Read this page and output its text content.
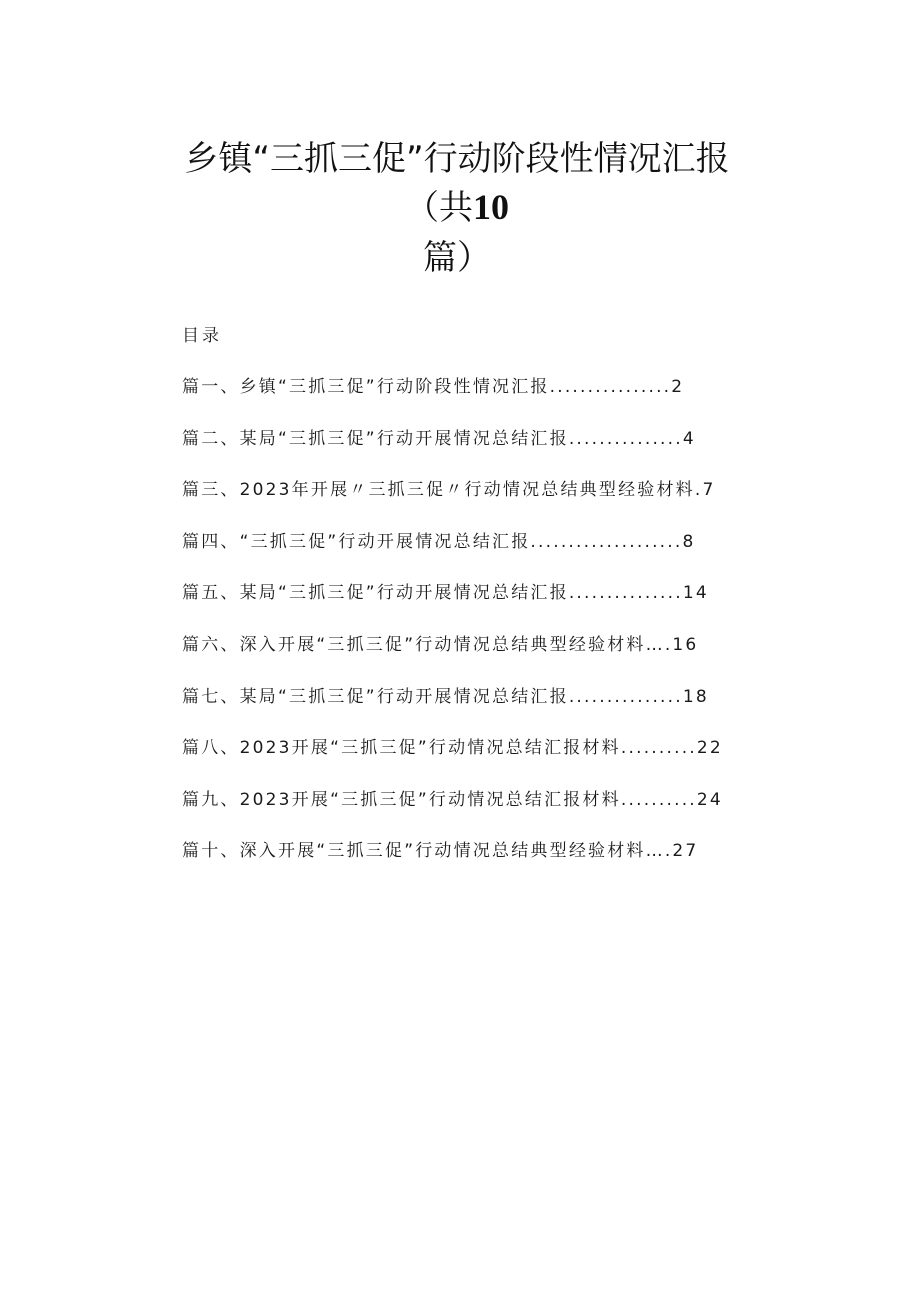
乡镇“三抓三促”行动阶段性情况汇报
（共10
篇）
目录
篇一、乡镇“三抓三促”行动阶段性情况汇报................2
篇二、某局“三抓三促”行动开展情况总结汇报...............4
篇三、2023年开展〃三抓三促〃行动情况总结典型经验材料.7
篇四、“三抓三促”行动开展情况总结汇报....................8
篇五、某局“三抓三促”行动开展情况总结汇报...............14
篇六、深入开展“三抓三促”行动情况总结典型经验材料….16
篇七、某局“三抓三促”行动开展情况总结汇报...............18
篇八、2023开展“三抓三促”行动情况总结汇报材料..........22
篇九、2023开展“三抓三促”行动情况总结汇报材料..........24
篇十、深入开展“三抓三促”行动情况总结典型经验材料….27
